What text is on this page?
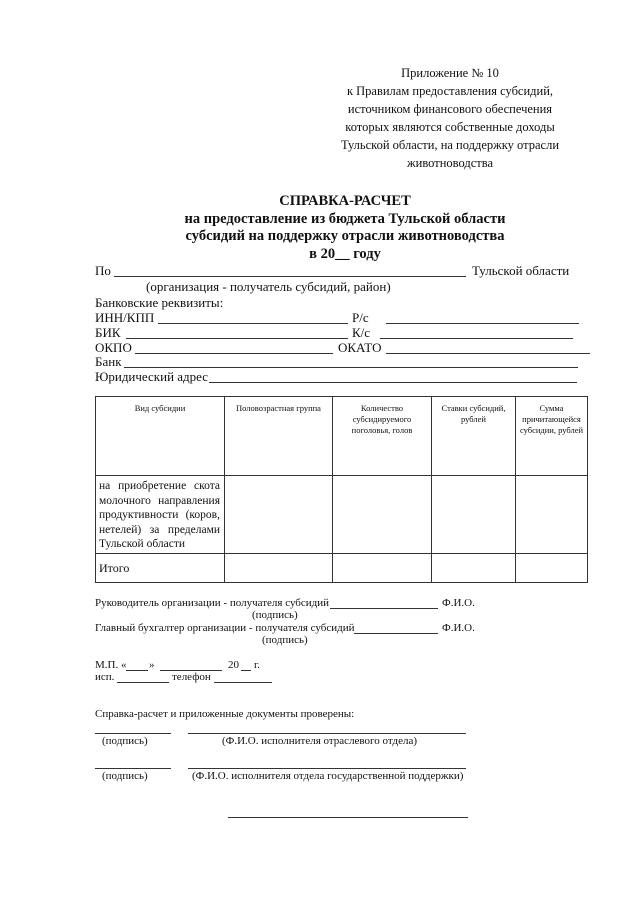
Приложение № 10
к Правилам предоставления субсидий,
источником финансового обеспечения
которых являются собственные доходы
Тульской области, на поддержку отрасли
животноводства
СПРАВКА-РАСЧЕТ
на предоставление из бюджета Тульской области
субсидий на поддержку отрасли животноводства
в 20__ году
По	Тульской области
(организация - получатель субсидий, район)
Банковские реквизиты:
ИНН/КПП	Р/с
БИК	К/с
ОКПО	ОКАТО
Банк
Юридический адрес
Вид субсидии	Половозрастная группа	Количество субсидируемого поголовья, голов	Ставки субсидий, рублей	Сумма причитающейся субсидии, рублей
на приобретение скота молочного направления продуктивности (коров, нетелей) за пределами Тульской области				
Итого				
Руководитель организации - получателя субсидий	Ф.И.О.
(подпись)
Главный бухгалтер организации - получателя субсидий	Ф.И.О.
(подпись)
М.П. « »	20 г.
исп.	телефон
Справка-расчет и приложенные документы проверены:
(подпись)	(Ф.И.О. исполнителя отраслевого отдела)
(подпись)	(Ф.И.О. исполнителя отдела государственной поддержки)
